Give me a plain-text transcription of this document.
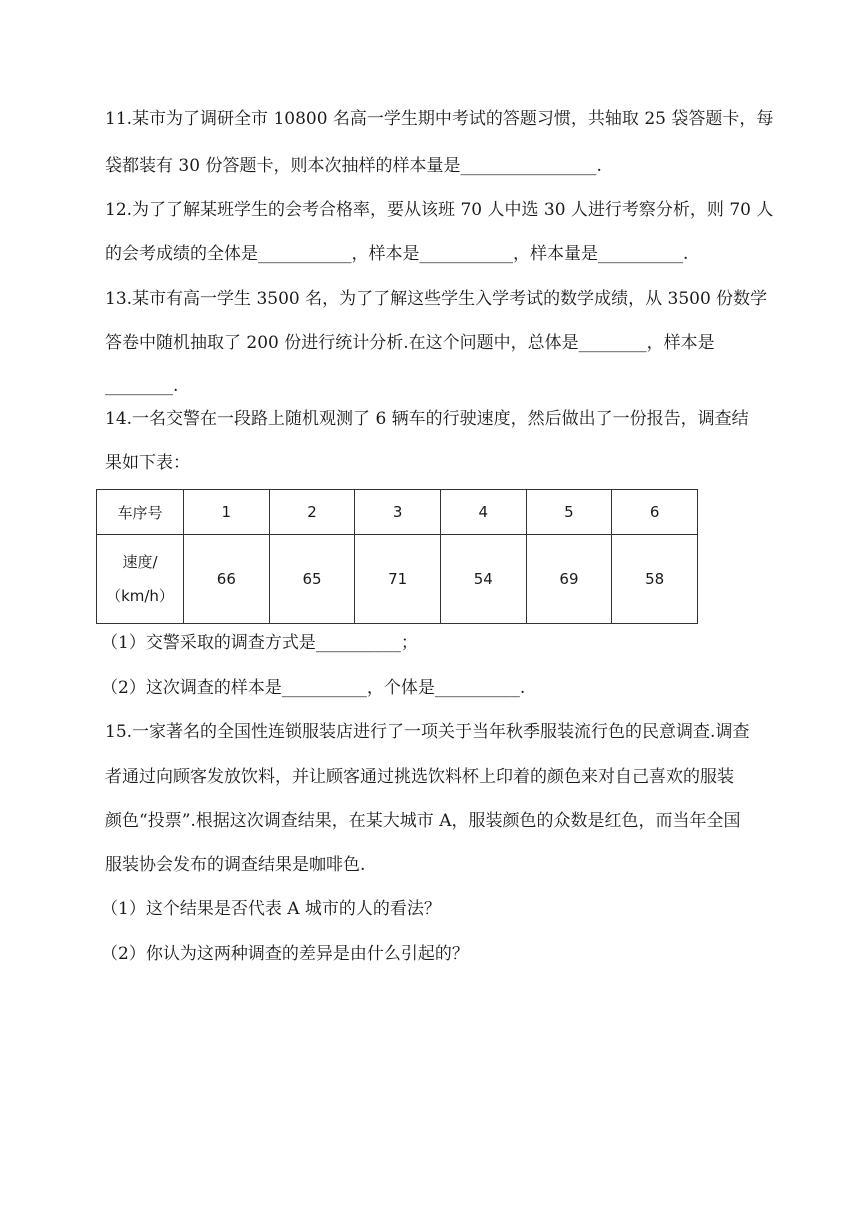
11.某市为了调研全市 10800 名高一学生期中考试的答题习惯，共轴取 25 袋答题卡，每
袋都装有 30 份答题卡，则本次抽样的样本量是________________.
12.为了了解某班学生的会考合格率，要从该班 70 人中选 30 人进行考察分析，则 70 人
的会考成绩的全体是___________，样本是___________，样本量是__________.
13.某市有高一学生 3500 名，为了了解这些学生入学考试的数学成绩，从 3500 份数学
答卷中随机抽取了 200 份进行统计分析.在这个问题中，总体是________，样本是
________.
14.一名交警在一段路上随机观测了 6 辆车的行驶速度，然后做出了一份报告，调查结
果如下表：
车序号	1	2	3	4	5	6

速度/
（km/h）	66	65	71	54	69	58
（1）交警采取的调查方式是__________；
（2）这次调查的样本是__________，个体是__________.
15.一家著名的全国性连锁服装店进行了一项关于当年秋季服装流行色的民意调查.调查
者通过向顾客发放饮料，并让顾客通过挑选饮料杯上印着的颜色来对自己喜欢的服装
颜色“投票”.根据这次调查结果，在某大城市 A，服装颜色的众数是红色，而当年全国
服装协会发布的调查结果是咖啡色.
（1）这个结果是否代表 A 城市的人的看法？
（2）你认为这两种调查的差异是由什么引起的？
